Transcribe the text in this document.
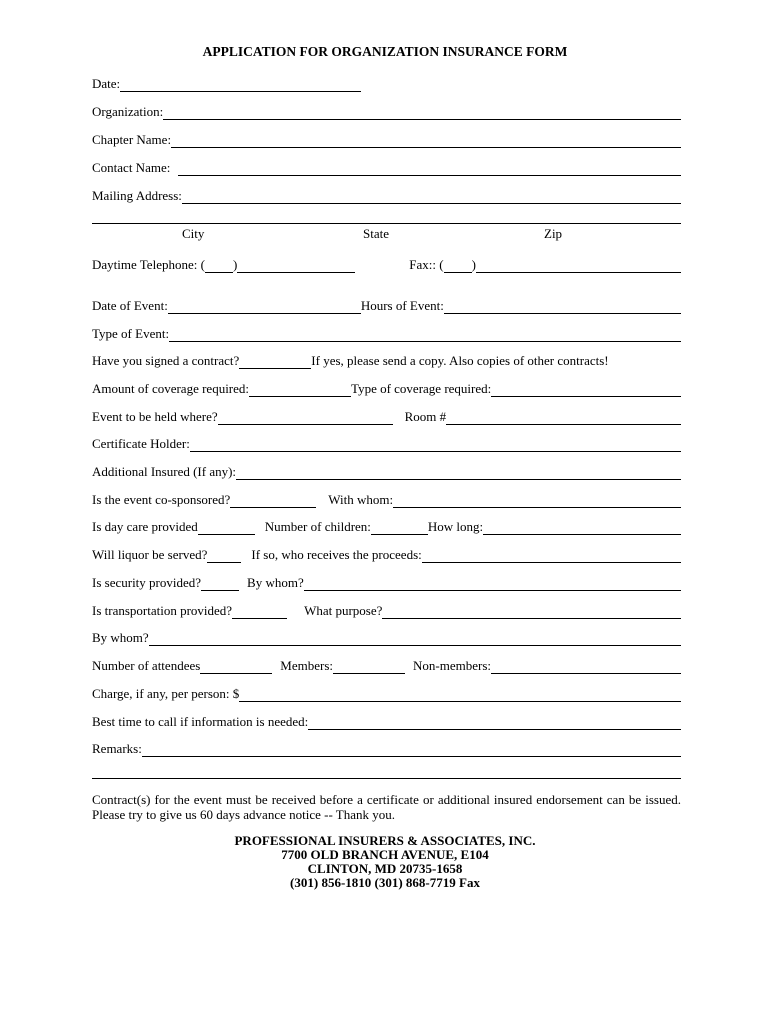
APPLICATION FOR ORGANIZATION INSURANCE FORM
Date:
Organization:
Chapter Name:
Contact Name:
Mailing Address:
City	State	Zip
Daytime Telephone: ( )	Fax:: ( )
Date of Event:	Hours of Event:
Type of Event:
Have you signed a contract?	If yes, please send a copy. Also copies of other contracts!
Amount of coverage required:	Type of coverage required:
Event to be held where?	Room #
Certificate Holder:
Additional Insured (If any):
Is the event co-sponsored?	With whom:
Is day care provided	Number of children:	How long:
Will liquor be served?	If so, who receives the proceeds:
Is security provided?	By whom?
Is transportation provided?	What purpose?
By whom?
Number of attendees	Members:	Non-members:
Charge, if any, per person: $
Best time to call if information is needed:
Remarks:
Contract(s) for the event must be received before a certificate or additional insured endorsement can be issued. Please try to give us 60 days advance notice -- Thank you.
PROFESSIONAL INSURERS & ASSOCIATES, INC.
7700 OLD BRANCH AVENUE, E104
CLINTON, MD 20735-1658
(301) 856-1810 (301) 868-7719 Fax
